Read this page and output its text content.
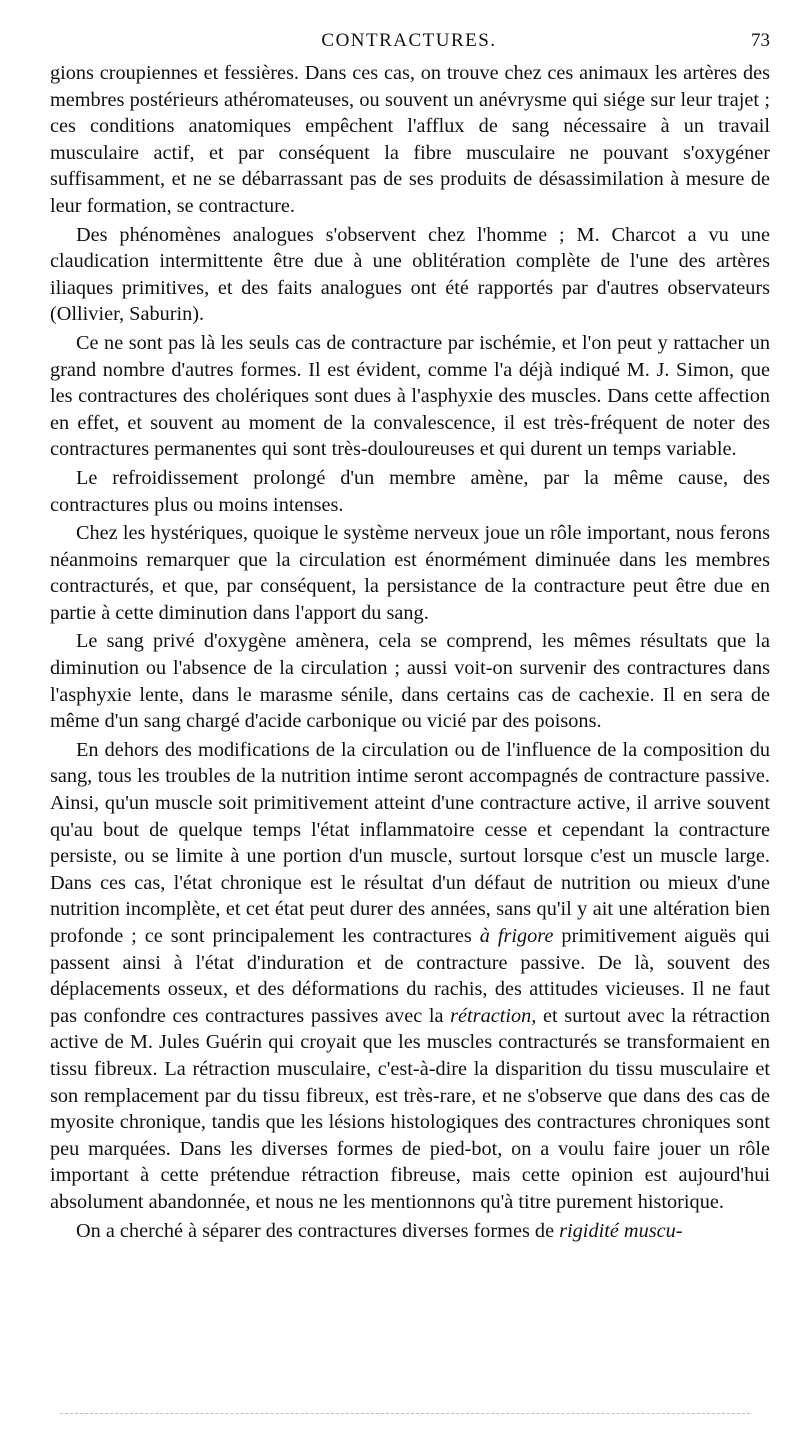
CONTRACTURES.	73

gions croupiennes et fessières. Dans ces cas, on trouve chez ces animaux les artères des membres postérieurs athéromateuses, ou souvent un anévrysme qui siége sur leur trajet ; ces conditions anatomiques empêchent l'afflux de sang nécessaire à un travail musculaire actif, et par conséquent la fibre musculaire ne pouvant s'oxygéner suffisamment, et ne se débarrassant pas de ses produits de désassimilation à mesure de leur formation, se contracture.

Des phénomènes analogues s'observent chez l'homme ; M. Charcot a vu une claudication intermittente être due à une oblitération complète de l'une des artères iliaques primitives, et des faits analogues ont été rapportés par d'autres observateurs (Ollivier, Saburin).

Ce ne sont pas là les seuls cas de contracture par ischémie, et l'on peut y rattacher un grand nombre d'autres formes. Il est évident, comme l'a déjà indiqué M. J. Simon, que les contractures des cholériques sont dues à l'asphyxie des muscles. Dans cette affection en effet, et souvent au moment de la convalescence, il est très-fréquent de noter des contractures permanentes qui sont très-douloureuses et qui durent un temps variable.

Le refroidissement prolongé d'un membre amène, par la même cause, des contractures plus ou moins intenses.

Chez les hystériques, quoique le système nerveux joue un rôle important, nous ferons néanmoins remarquer que la circulation est énormément diminuée dans les membres contracturés, et que, par conséquent, la persistance de la contracture peut être due en partie à cette diminution dans l'apport du sang.

Le sang privé d'oxygène amènera, cela se comprend, les mêmes résultats que la diminution ou l'absence de la circulation ; aussi voit-on survenir des contractures dans l'asphyxie lente, dans le marasme sénile, dans certains cas de cachexie. Il en sera de même d'un sang chargé d'acide carbonique ou vicié par des poisons.

En dehors des modifications de la circulation ou de l'influence de la composition du sang, tous les troubles de la nutrition intime seront accompagnés de contracture passive. Ainsi, qu'un muscle soit primitivement atteint d'une contracture active, il arrive souvent qu'au bout de quelque temps l'état inflammatoire cesse et cependant la contracture persiste, ou se limite à une portion d'un muscle, surtout lorsque c'est un muscle large. Dans ces cas, l'état chronique est le résultat d'un défaut de nutrition ou mieux d'une nutrition incomplète, et cet état peut durer des années, sans qu'il y ait une altération bien profonde ; ce sont principalement les contractures à frigore primitivement aiguës qui passent ainsi à l'état d'induration et de contracture passive. De là, souvent des déplacements osseux, et des déformations du rachis, des attitudes vicieuses. Il ne faut pas confondre ces contractures passives avec la rétraction, et surtout avec la rétraction active de M. Jules Guérin qui croyait que les muscles contracturés se transformaient en tissu fibreux. La rétraction musculaire, c'est-à-dire la disparition du tissu musculaire et son remplacement par du tissu fibreux, est très-rare, et ne s'observe que dans des cas de myosite chronique, tandis que les lésions histologiques des contractures chroniques sont peu marquées. Dans les diverses formes de pied-bot, on a voulu faire jouer un rôle important à cette prétendue rétraction fibreuse, mais cette opinion est aujourd'hui absolument abandonnée, et nous ne les mentionnons qu'à titre purement historique.

On a cherché à séparer des contractures diverses formes de rigidité muscu-
